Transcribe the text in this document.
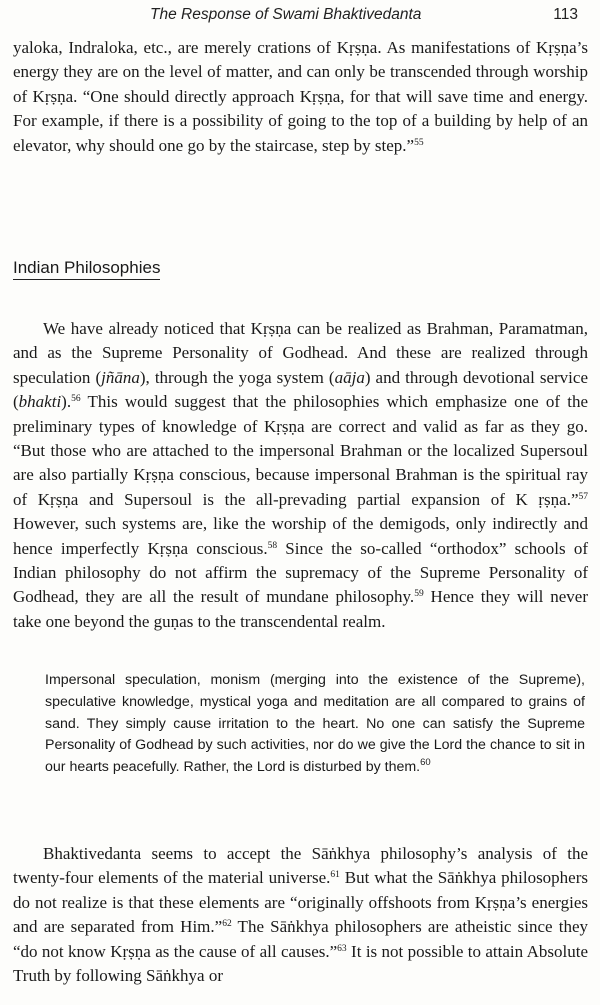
The Response of Swami Bhaktivedanta	113

yaloka, Indraloka, etc., are merely crations of Kṛṣṇa. As manifestations of Kṛṣṇa’s energy they are on the level of matter, and can only be transcended through worship of Kṛṣṇa. “One should directly approach Kṛṣṇa, for that will save time and energy. For example, if there is a possibility of going to the top of a building by help of an elevator, why should one go by the staircase, step by step.”$^{55}$

Indian Philosophies

We have already noticed that Kṛṣṇa can be realized as Brahman, Paramatman, and as the Supreme Personality of Godhead. And these are realized through speculation (jñāna), through the yoga system (aāja) and through devotional service (bhakti).$^{56}$ This would suggest that the philosophies which emphasize one of the preliminary types of knowledge of Kṛṣṇa are correct and valid as far as they go. “But those who are attached to the impersonal Brahman or the localized Supersoul are also partially Kṛṣṇa conscious, because impersonal Brahman is the spiritual ray of Kṛṣṇa and Supersoul is the all-prevading partial expansion of K ṛṣṇa.”$^{57}$ However, such systems are, like the worship of the demigods, only indirectly and hence imperfectly Kṛṣṇa conscious.$^{58}$ Since the so-called “orthodox” schools of Indian philosophy do not affirm the supremacy of the Supreme Personality of Godhead, they are all the result of mundane philosophy.$^{59}$ Hence they will never take one beyond the guṇas to the transcendental realm.

Impersonal speculation, monism (merging into the existence of the Supreme), speculative knowledge, mystical yoga and meditation are all compared to grains of sand. They simply cause irritation to the heart. No one can satisfy the Supreme Personality of Godhead by such activities, nor do we give the Lord the chance to sit in our hearts peacefully. Rather, the Lord is disturbed by them.$^{60}$

Bhaktivedanta seems to accept the Sāṅkhya philosophy’s analysis of the twenty-four elements of the material universe.$^{61}$ But what the Sāṅkhya philosophers do not realize is that these elements are “originally offshoots from Kṛṣṇa’s energies and are separated from Him.”$^{62}$ The Sāṅkhya philosophers are atheistic since they “do not know Kṛṣṇa as the cause of all causes.”$^{63}$ It is not possible to attain Absolute Truth by following Sāṅkhya or
